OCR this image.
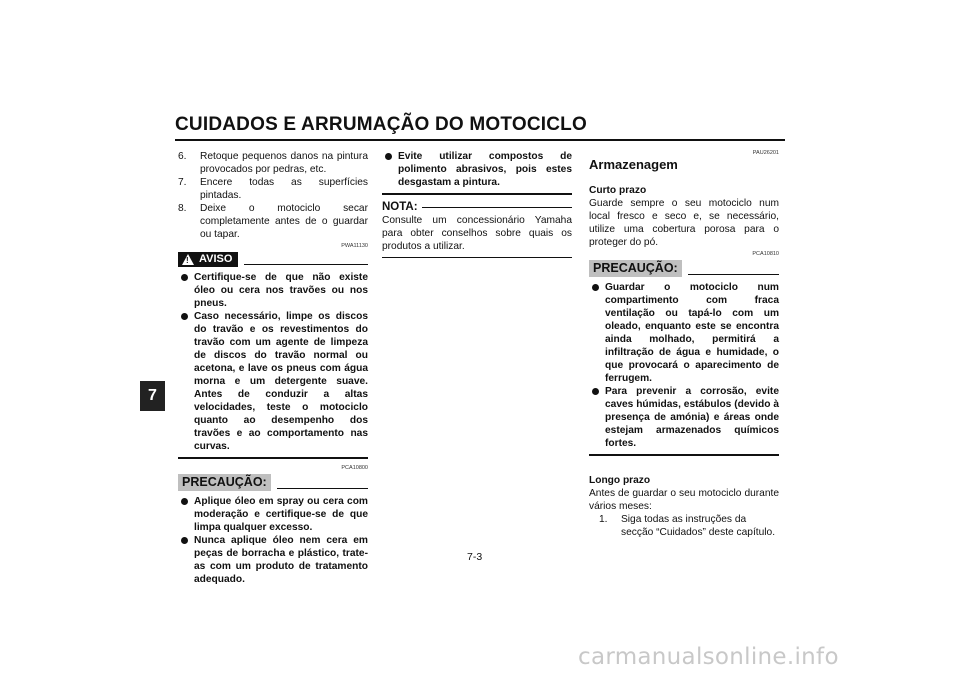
CUIDADOS E ARRUMAÇÃO DO MOTOCICLO
7
6.	Retoque pequenos danos na pintura provocados por pedras, etc.
7.	Encere todas as superfícies pintadas.
8.	Deixe o motociclo secar completamente antes de o guardar ou tapar.
PWA11130
! AVISO
Certifique-se de que não existe óleo ou cera nos travões ou nos pneus.
Caso necessário, limpe os discos do travão e os revestimentos do travão com um agente de limpeza de discos do travão normal ou acetona, e lave os pneus com água morna e um detergente suave. Antes de conduzir a altas velocidades, teste o motociclo quanto ao desempenho dos travões e ao comportamento nas curvas.
PCA10800
PRECAUÇÃO:
Aplique óleo em spray ou cera com moderação e certifique-se de que limpa qualquer excesso.
Nunca aplique óleo nem cera em peças de borracha e plástico, trate-as com um produto de tratamento adequado.
Evite utilizar compostos de polimento abrasivos, pois estes desgastam a pintura.
NOTA:
Consulte um concessionário Yamaha para obter conselhos sobre quais os produtos a utilizar.
PAU26201
Armazenagem
Curto prazo
Guarde sempre o seu motociclo num local fresco e seco e, se necessário, utilize uma cobertura porosa para o proteger do pó.
PCA10810
PRECAUÇÃO:
Guardar o motociclo num compartimento com fraca ventilação ou tapá-lo com um oleado, enquanto este se encontra ainda molhado, permitirá a infiltração de água e humidade, o que provocará o aparecimento de ferrugem.
Para prevenir a corrosão, evite caves húmidas, estábulos (devido à presença de amónia) e áreas onde estejam armazenados químicos fortes.
Longo prazo
Antes de guardar o seu motociclo durante vários meses:
1.	Siga todas as instruções da secção “Cuidados” deste capítulo.
7-3
carmanualsonline.info
